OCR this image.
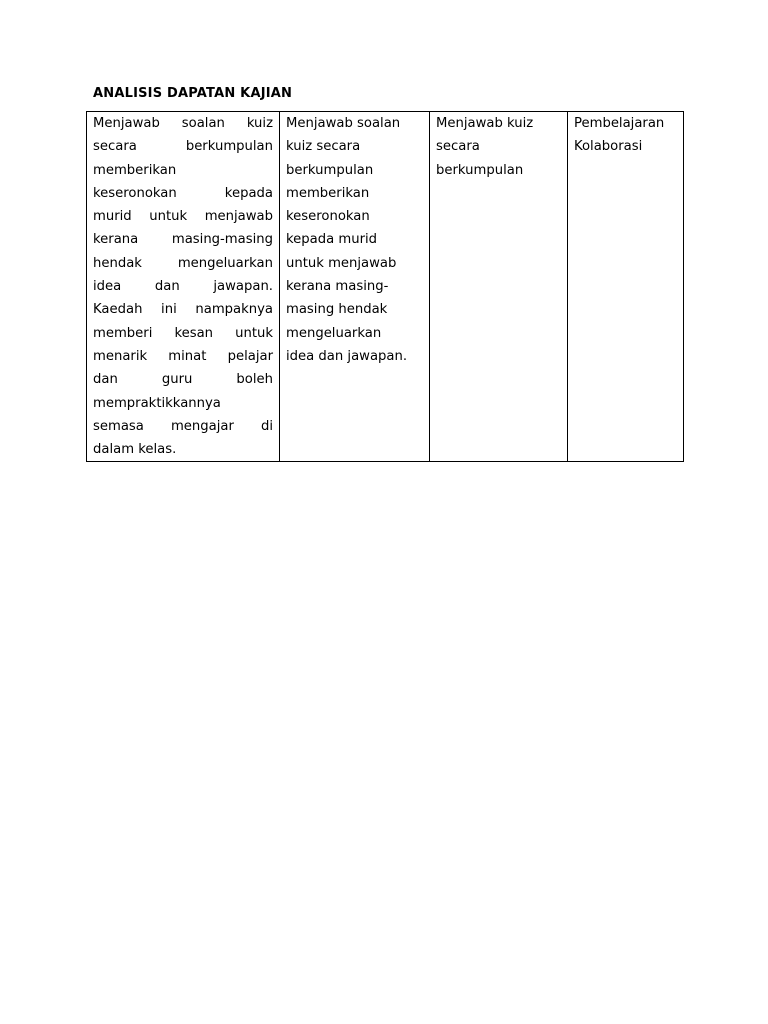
ANALISIS DAPATAN KAJIAN
Menjawab soalan kuiz
secara berkumpulan
memberikan
keseronokan kepada
murid untuk menjawab
kerana masing-masing
hendak mengeluarkan
idea dan jawapan.
Kaedah ini nampaknya
memberi kesan untuk
menarik minat pelajar
dan guru boleh
mempraktikkannya
semasa mengajar di
dalam kelas.

Menjawab soalan
kuiz secara
berkumpulan
memberikan
keseronokan
kepada murid
untuk menjawab
kerana masing-
masing hendak
mengeluarkan
idea dan jawapan.

Menjawab kuiz
secara
berkumpulan

Pembelajaran
Kolaborasi
